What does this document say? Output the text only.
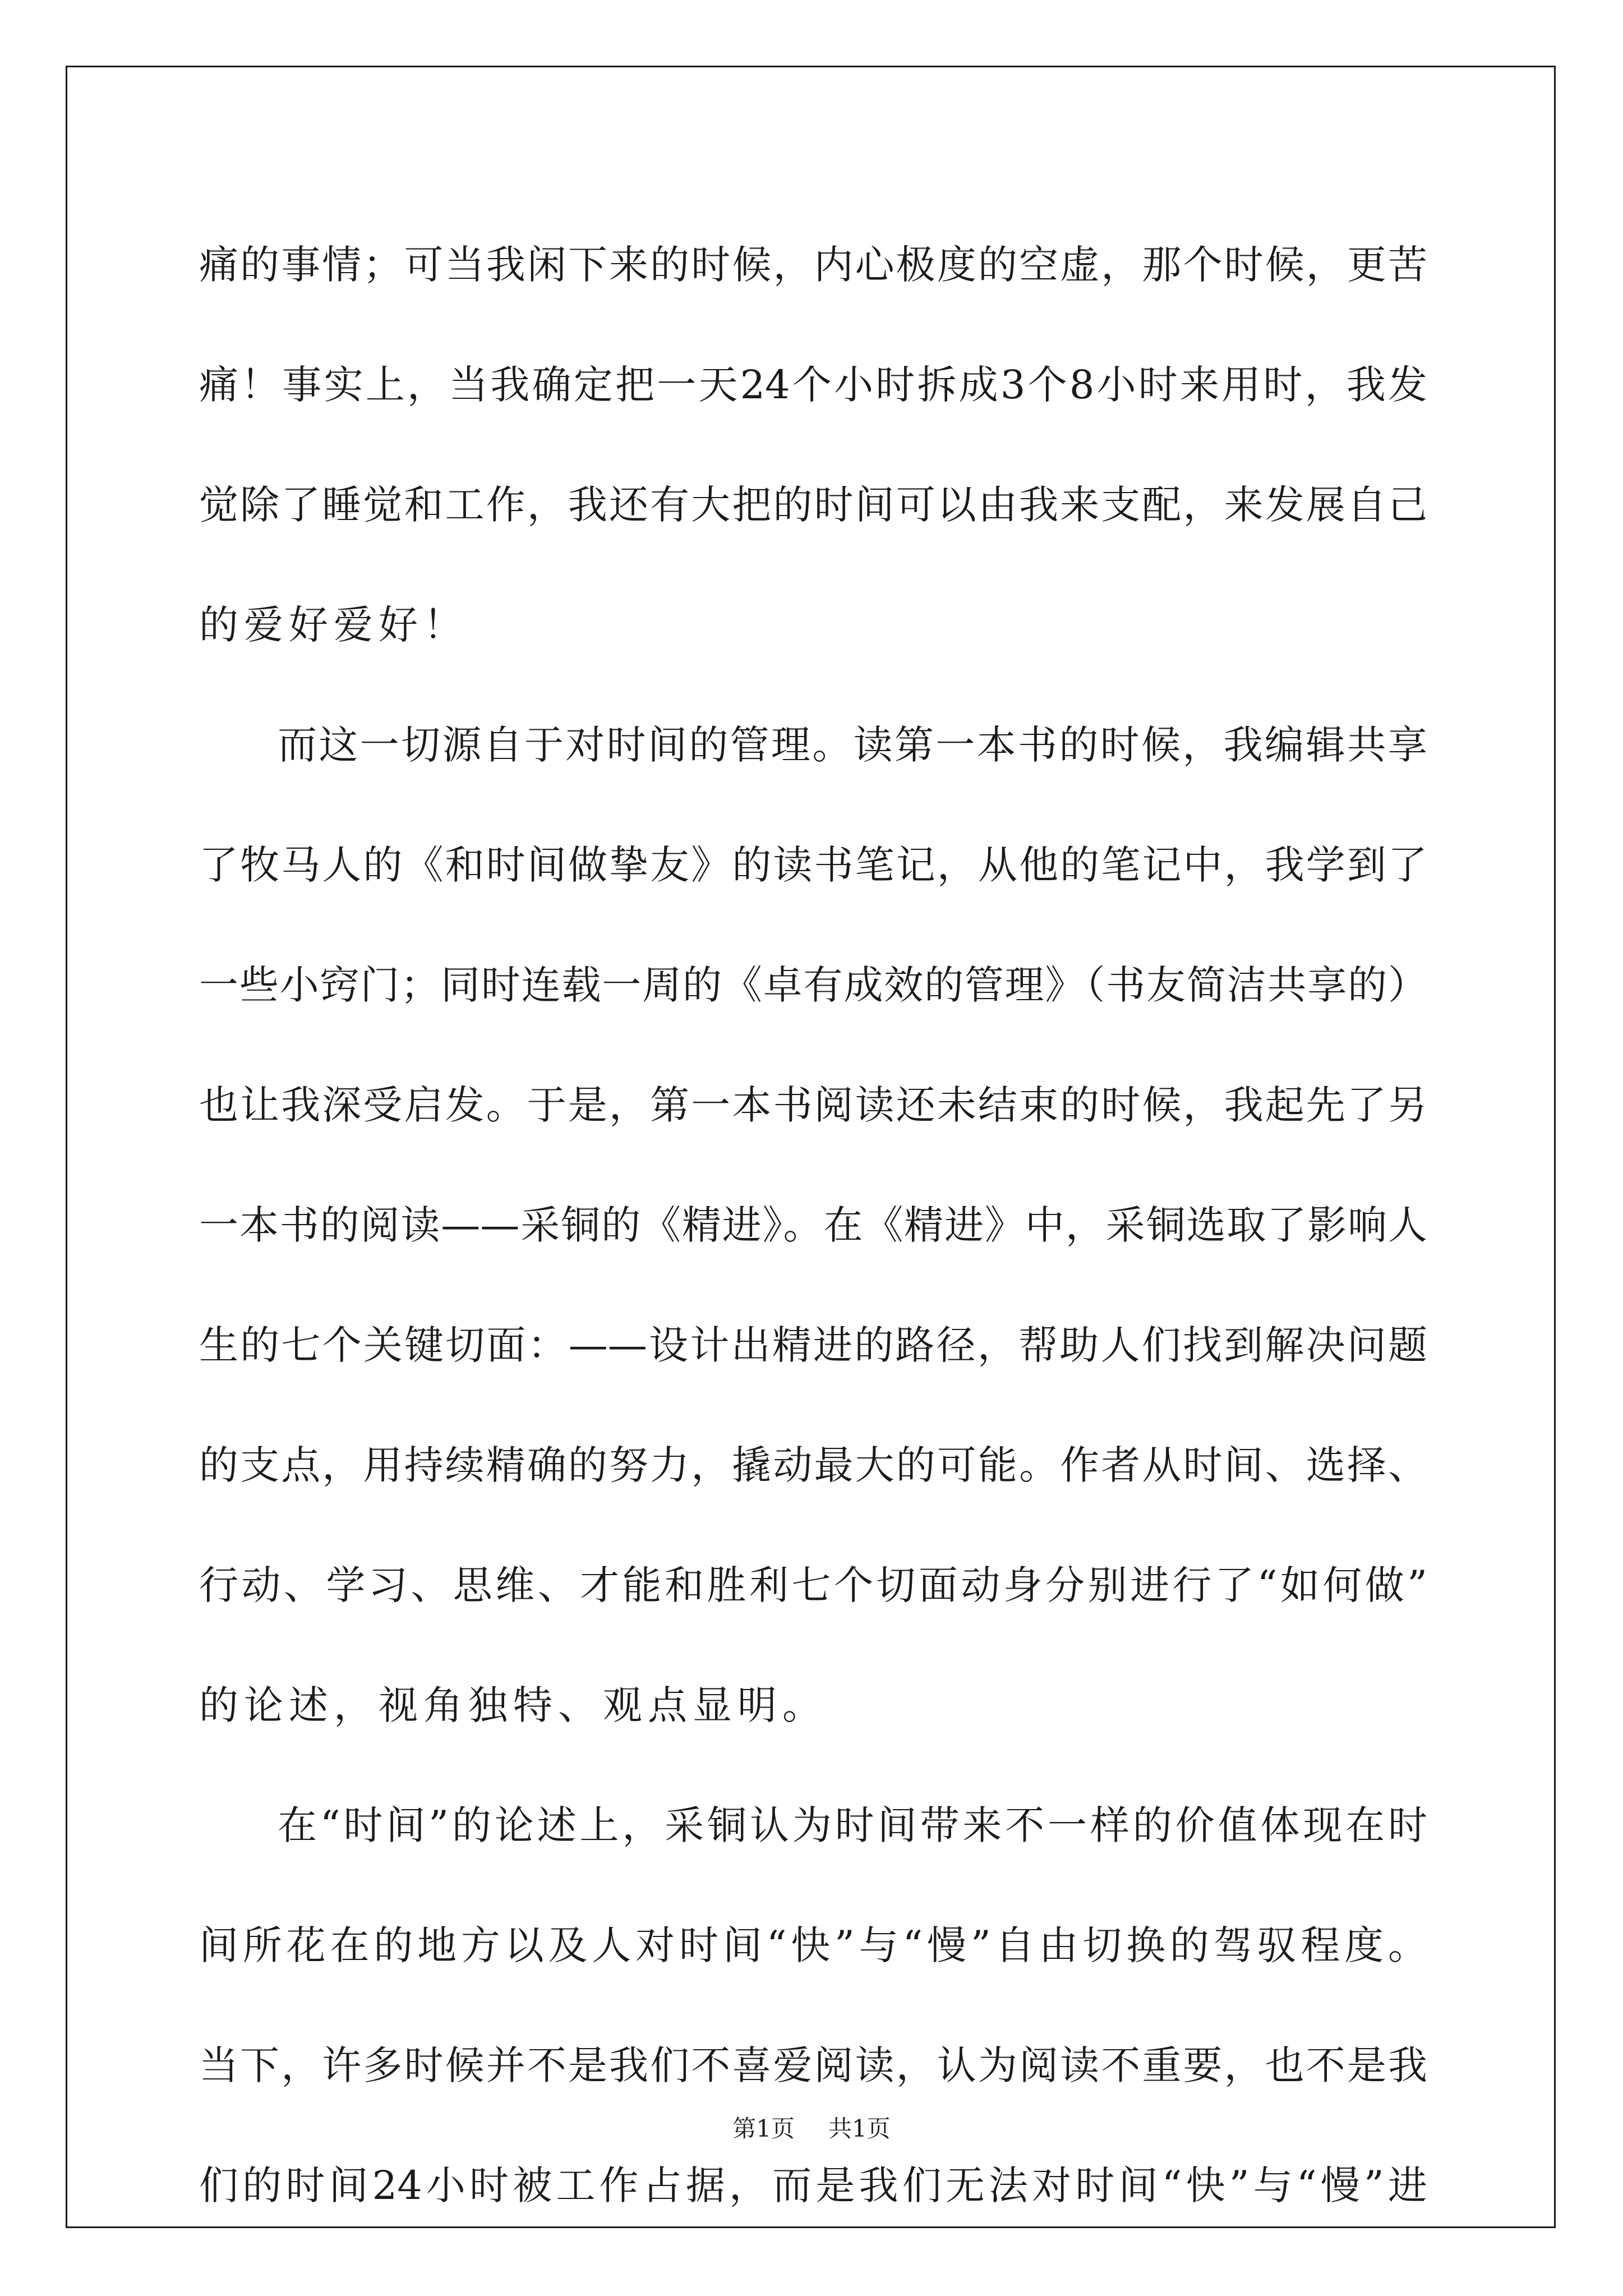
痛的事情；可当我闲下来的时候，内心极度的空虚，那个时候，更苦
痛！事实上，当我确定把一天24个小时拆成3个8小时来用时，我发
觉除了睡觉和工作，我还有大把的时间可以由我来支配，来发展自己
的爱好爱好！
而这一切源自于对时间的管理。读第一本书的时候，我编辑共享
了牧马人的《和时间做挚友》的读书笔记，从他的笔记中，我学到了
一些小窍门；同时连载一周的《卓有成效的管理》（书友简洁共享的）
也让我深受启发。于是，第一本书阅读还未结束的时候，我起先了另
一本书的阅读——采铜的《精进》。在《精进》中，采铜选取了影响人
生的七个关键切面：——设计出精进的路径，帮助人们找到解决问题
的支点，用持续精确的努力，撬动最大的可能。作者从时间、选择、
行动、学习、思维、才能和胜利七个切面动身分别进行了“如何做”
的论述，视角独特、观点显明。
在“时间”的论述上，采铜认为时间带来不一样的价值体现在时
间所花在的地方以及人对时间“快”与“慢”自由切换的驾驭程度。
当下，许多时候并不是我们不喜爱阅读，认为阅读不重要，也不是我
们的时间24小时被工作占据，而是我们无法对时间“快”与“慢”进
第1页 共1页
